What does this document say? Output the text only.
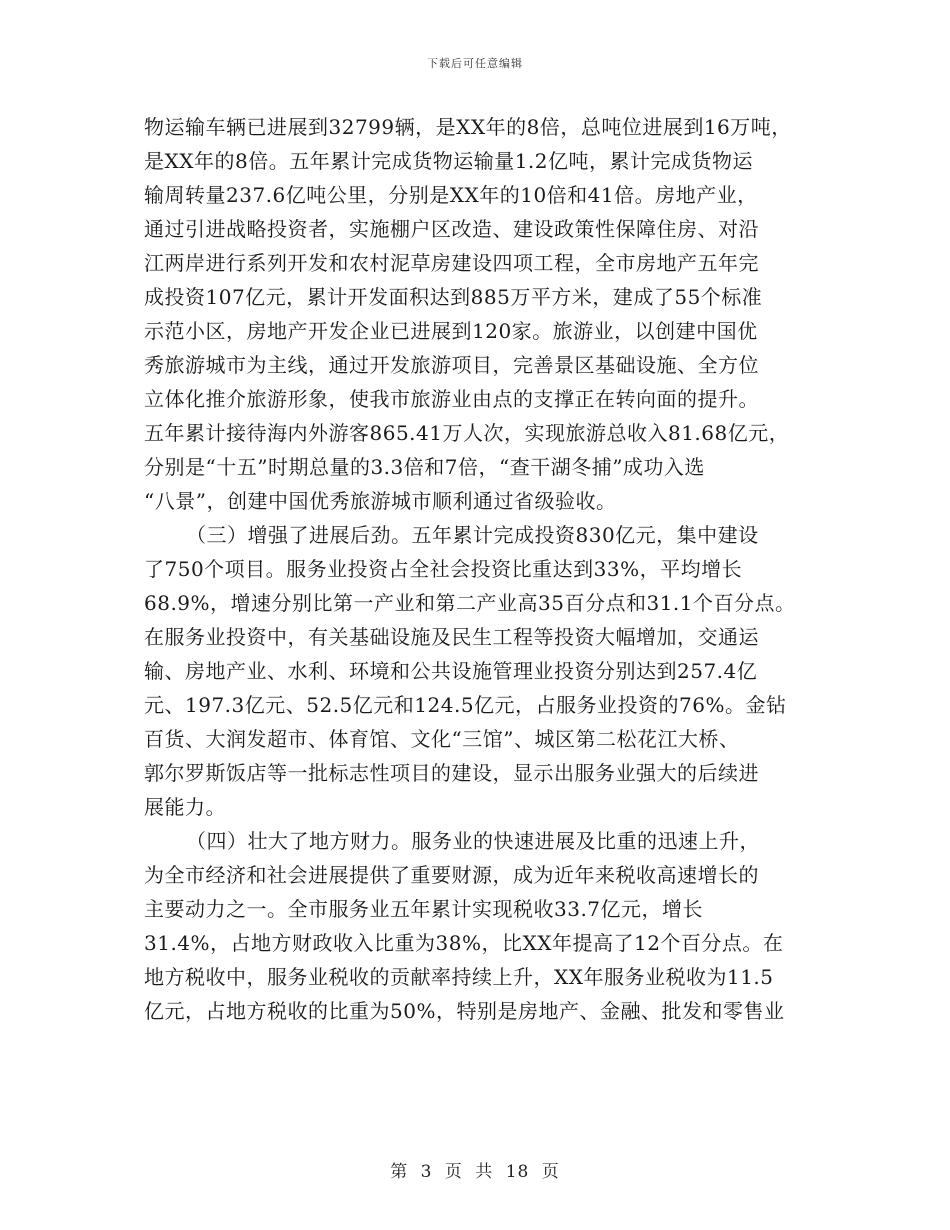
下载后可任意编辑
物运输车辆已进展到32799辆，是XX年的8倍，总吨位进展到16万吨，
是XX年的8倍。五年累计完成货物运输量1.2亿吨，累计完成货物运
输周转量237.6亿吨公里，分别是XX年的10倍和41倍。房地产业，
通过引进战略投资者，实施棚户区改造、建设政策性保障住房、对沿
江两岸进行系列开发和农村泥草房建设四项工程，全市房地产五年完
成投资107亿元，累计开发面积达到885万平方米，建成了55个标准
示范小区，房地产开发企业已进展到120家。旅游业，以创建中国优
秀旅游城市为主线，通过开发旅游项目，完善景区基础设施、全方位
立体化推介旅游形象，使我市旅游业由点的支撑正在转向面的提升。
五年累计接待海内外游客865.41万人次，实现旅游总收入81.68亿元，
分别是“十五”时期总量的3.3倍和7倍，“查干湖冬捕”成功入选
“八景”，创建中国优秀旅游城市顺利通过省级验收。
（三）增强了进展后劲。五年累计完成投资830亿元，集中建设
了750个项目。服务业投资占全社会投资比重达到33%，平均增长
68.9%，增速分别比第一产业和第二产业高35百分点和31.1个百分点。
在服务业投资中，有关基础设施及民生工程等投资大幅增加，交通运
输、房地产业、水利、环境和公共设施管理业投资分别达到257.4亿
元、197.3亿元、52.5亿元和124.5亿元，占服务业投资的76%。金钻
百货、大润发超市、体育馆、文化“三馆”、城区第二松花江大桥、
郭尔罗斯饭店等一批标志性项目的建设，显示出服务业强大的后续进
展能力。
（四）壮大了地方财力。服务业的快速进展及比重的迅速上升，
为全市经济和社会进展提供了重要财源，成为近年来税收高速增长的
主要动力之一。全市服务业五年累计实现税收33.7亿元，增长
31.4%，占地方财政收入比重为38%，比XX年提高了12个百分点。在
地方税收中，服务业税收的贡献率持续上升，XX年服务业税收为11.5
亿元，占地方税收的比重为50%，特别是房地产、金融、批发和零售业
第 3 页 共 18 页
